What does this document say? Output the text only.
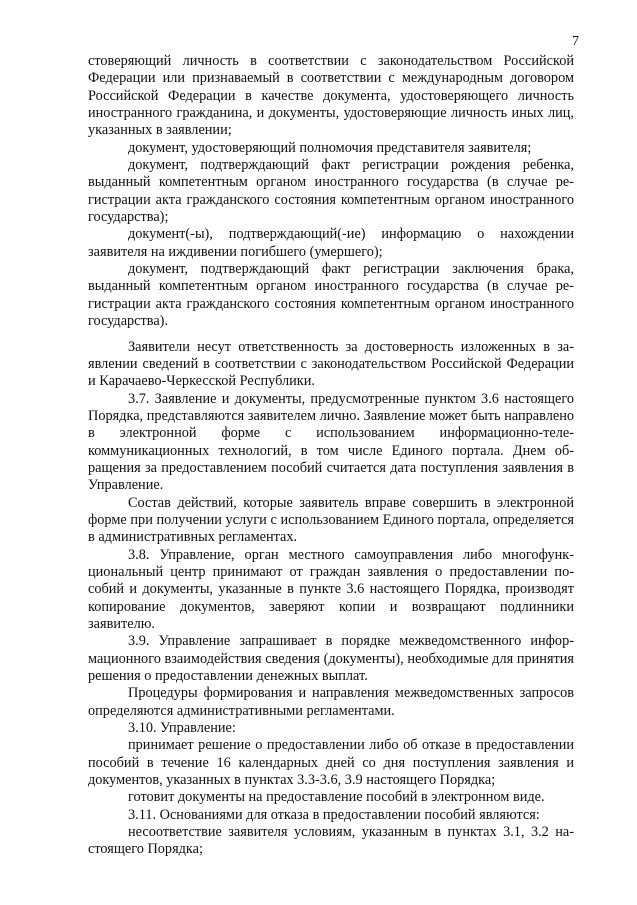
7

стоверяющий личность в соответствии с законодательством Российской Федерации или признаваемый в соответствии с международным договором Российской Федерации в качестве документа, удостоверяющего личность иностранного гражданина, и документы, удостоверяющие личность иных лиц, указанных в заявлении;

документ, удостоверяющий полномочия представителя заявителя;

документ, подтверждающий факт регистрации рождения ребенка, выданный компетентным органом иностранного государства (в случае регистрации акта гражданского состояния компетентным органом иностранного государства);

документ(-ы), подтверждающий(-ие) информацию о нахождении заявителя на иждивении погибшего (умершего);

документ, подтверждающий факт регистрации заключения брака, выданный компетентным органом иностранного государства (в случае регистрации акта гражданского состояния компетентным органом иностранного государства).

Заявители несут ответственность за достоверность изложенных в заявлении сведений в соответствии с законодательством Российской Федерации и Карачаево-Черкесской Республики.

3.7. Заявление и документы, предусмотренные пунктом 3.6 настоящего Порядка, представляются заявителем лично. Заявление может быть направлено в электронной форме с использованием информационно-телекоммуникационных технологий, в том числе Единого портала. Днем обращения за предоставлением пособий считается дата поступления заявления в Управление.

Состав действий, которые заявитель вправе совершить в электронной форме при получении услуги с использованием Единого портала, определяется в административных регламентах.

3.8. Управление, орган местного самоуправления либо многофункциональный центр принимают от граждан заявления о предоставлении пособий и документы, указанные в пункте 3.6 настоящего Порядка, производят копирование документов, заверяют копии и возвращают подлинники заявителю.

3.9. Управление запрашивает в порядке межведомственного информационного взаимодействия сведения (документы), необходимые для принятия решения о предоставлении денежных выплат.

Процедуры формирования и направления межведомственных запросов определяются административными регламентами.

3.10. Управление:

принимает решение о предоставлении либо об отказе в предоставлении пособий в течение 16 календарных дней со дня поступления заявления и документов, указанных в пунктах 3.3-3.6, 3.9 настоящего Порядка;

готовит документы на предоставление пособий в электронном виде.

3.11. Основаниями для отказа в предоставлении пособий являются:

несоответствие заявителя условиям, указанным в пунктах 3.1, 3.2 настоящего Порядка;
